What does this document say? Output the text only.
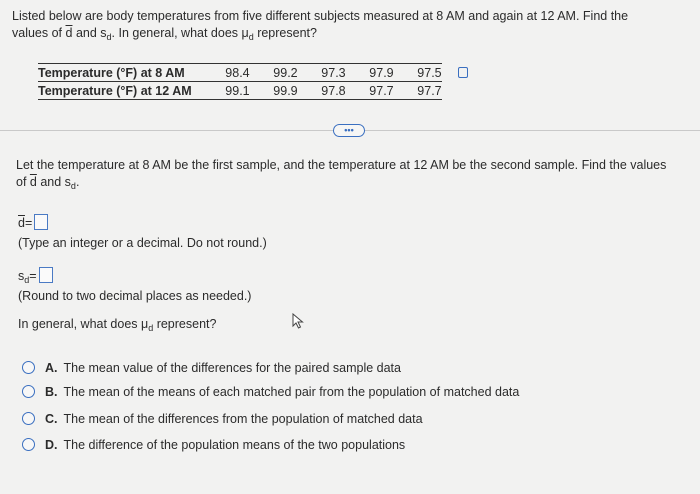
Listed below are body temperatures from five different subjects measured at 8 AM and again at 12 AM. Find the
values of $\overline{d}$ and $s_d$. In general, what does $\mu_d$ represent?
Temperature (°F) at 8 AM	98.4	99.2	97.3	97.9	97.5
Temperature (°F) at 12 AM	99.1	99.9	97.8	97.7	97.7
•••
Let the temperature at 8 AM be the first sample, and the temperature at 12 AM be the second sample. Find the values
of $\overline{d}$ and $s_d$.
$\overline{d}=$
(Type an integer or a decimal. Do not round.)
$s_d=$
(Round to two decimal places as needed.)
In general, what does $\mu_d$ represent?
A. The mean value of the differences for the paired sample data
B. The mean of the means of each matched pair from the population of matched data
C. The mean of the differences from the population of matched data
D. The difference of the population means of the two populations
